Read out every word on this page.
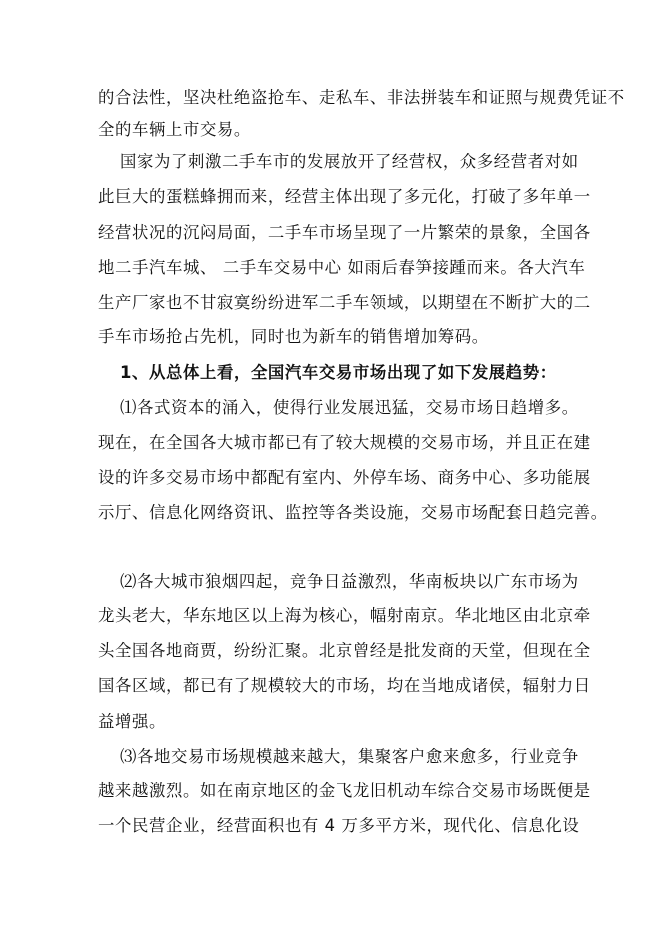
的合法性，坚决杜绝盗抢车、走私车、非法拼装车和证照与规费凭证不
全的车辆上市交易。
国家为了刺激二手车市的发展放开了经营权，众多经营者对如
此巨大的蛋糕蜂拥而来，经营主体出现了多元化，打破了多年单一
经营状况的沉闷局面，二手车市场呈现了一片繁荣的景象，全国各
地二手汽车城、 二手车交易中心 如雨后春笋接踵而来。各大汽车
生产厂家也不甘寂寞纷纷进军二手车领域，以期望在不断扩大的二
手车市场抢占先机，同时也为新车的销售增加筹码。
1、从总体上看，全国汽车交易市场出现了如下发展趋势：
⑴各式资本的涌入，使得行业发展迅猛，交易市场日趋增多。
现在，在全国各大城市都已有了较大规模的交易市场，并且正在建
设的许多交易市场中都配有室内、外停车场、商务中心、多功能展
示厅、信息化网络资讯、监控等各类设施，交易市场配套日趋完善。
⑵各大城市狼烟四起，竞争日益激烈，华南板块以广东市场为
龙头老大，华东地区以上海为核心，幅射南京。华北地区由北京牵
头全国各地商贾，纷纷汇聚。北京曾经是批发商的天堂，但现在全
国各区域，都已有了规模较大的市场，均在当地成诸侯，辐射力日
益增强。
⑶各地交易市场规模越来越大，集聚客户愈来愈多，行业竞争
越来越激烈。如在南京地区的金飞龙旧机动车综合交易市场既便是
一个民营企业，经营面积也有 4 万多平方米，现代化、信息化设
